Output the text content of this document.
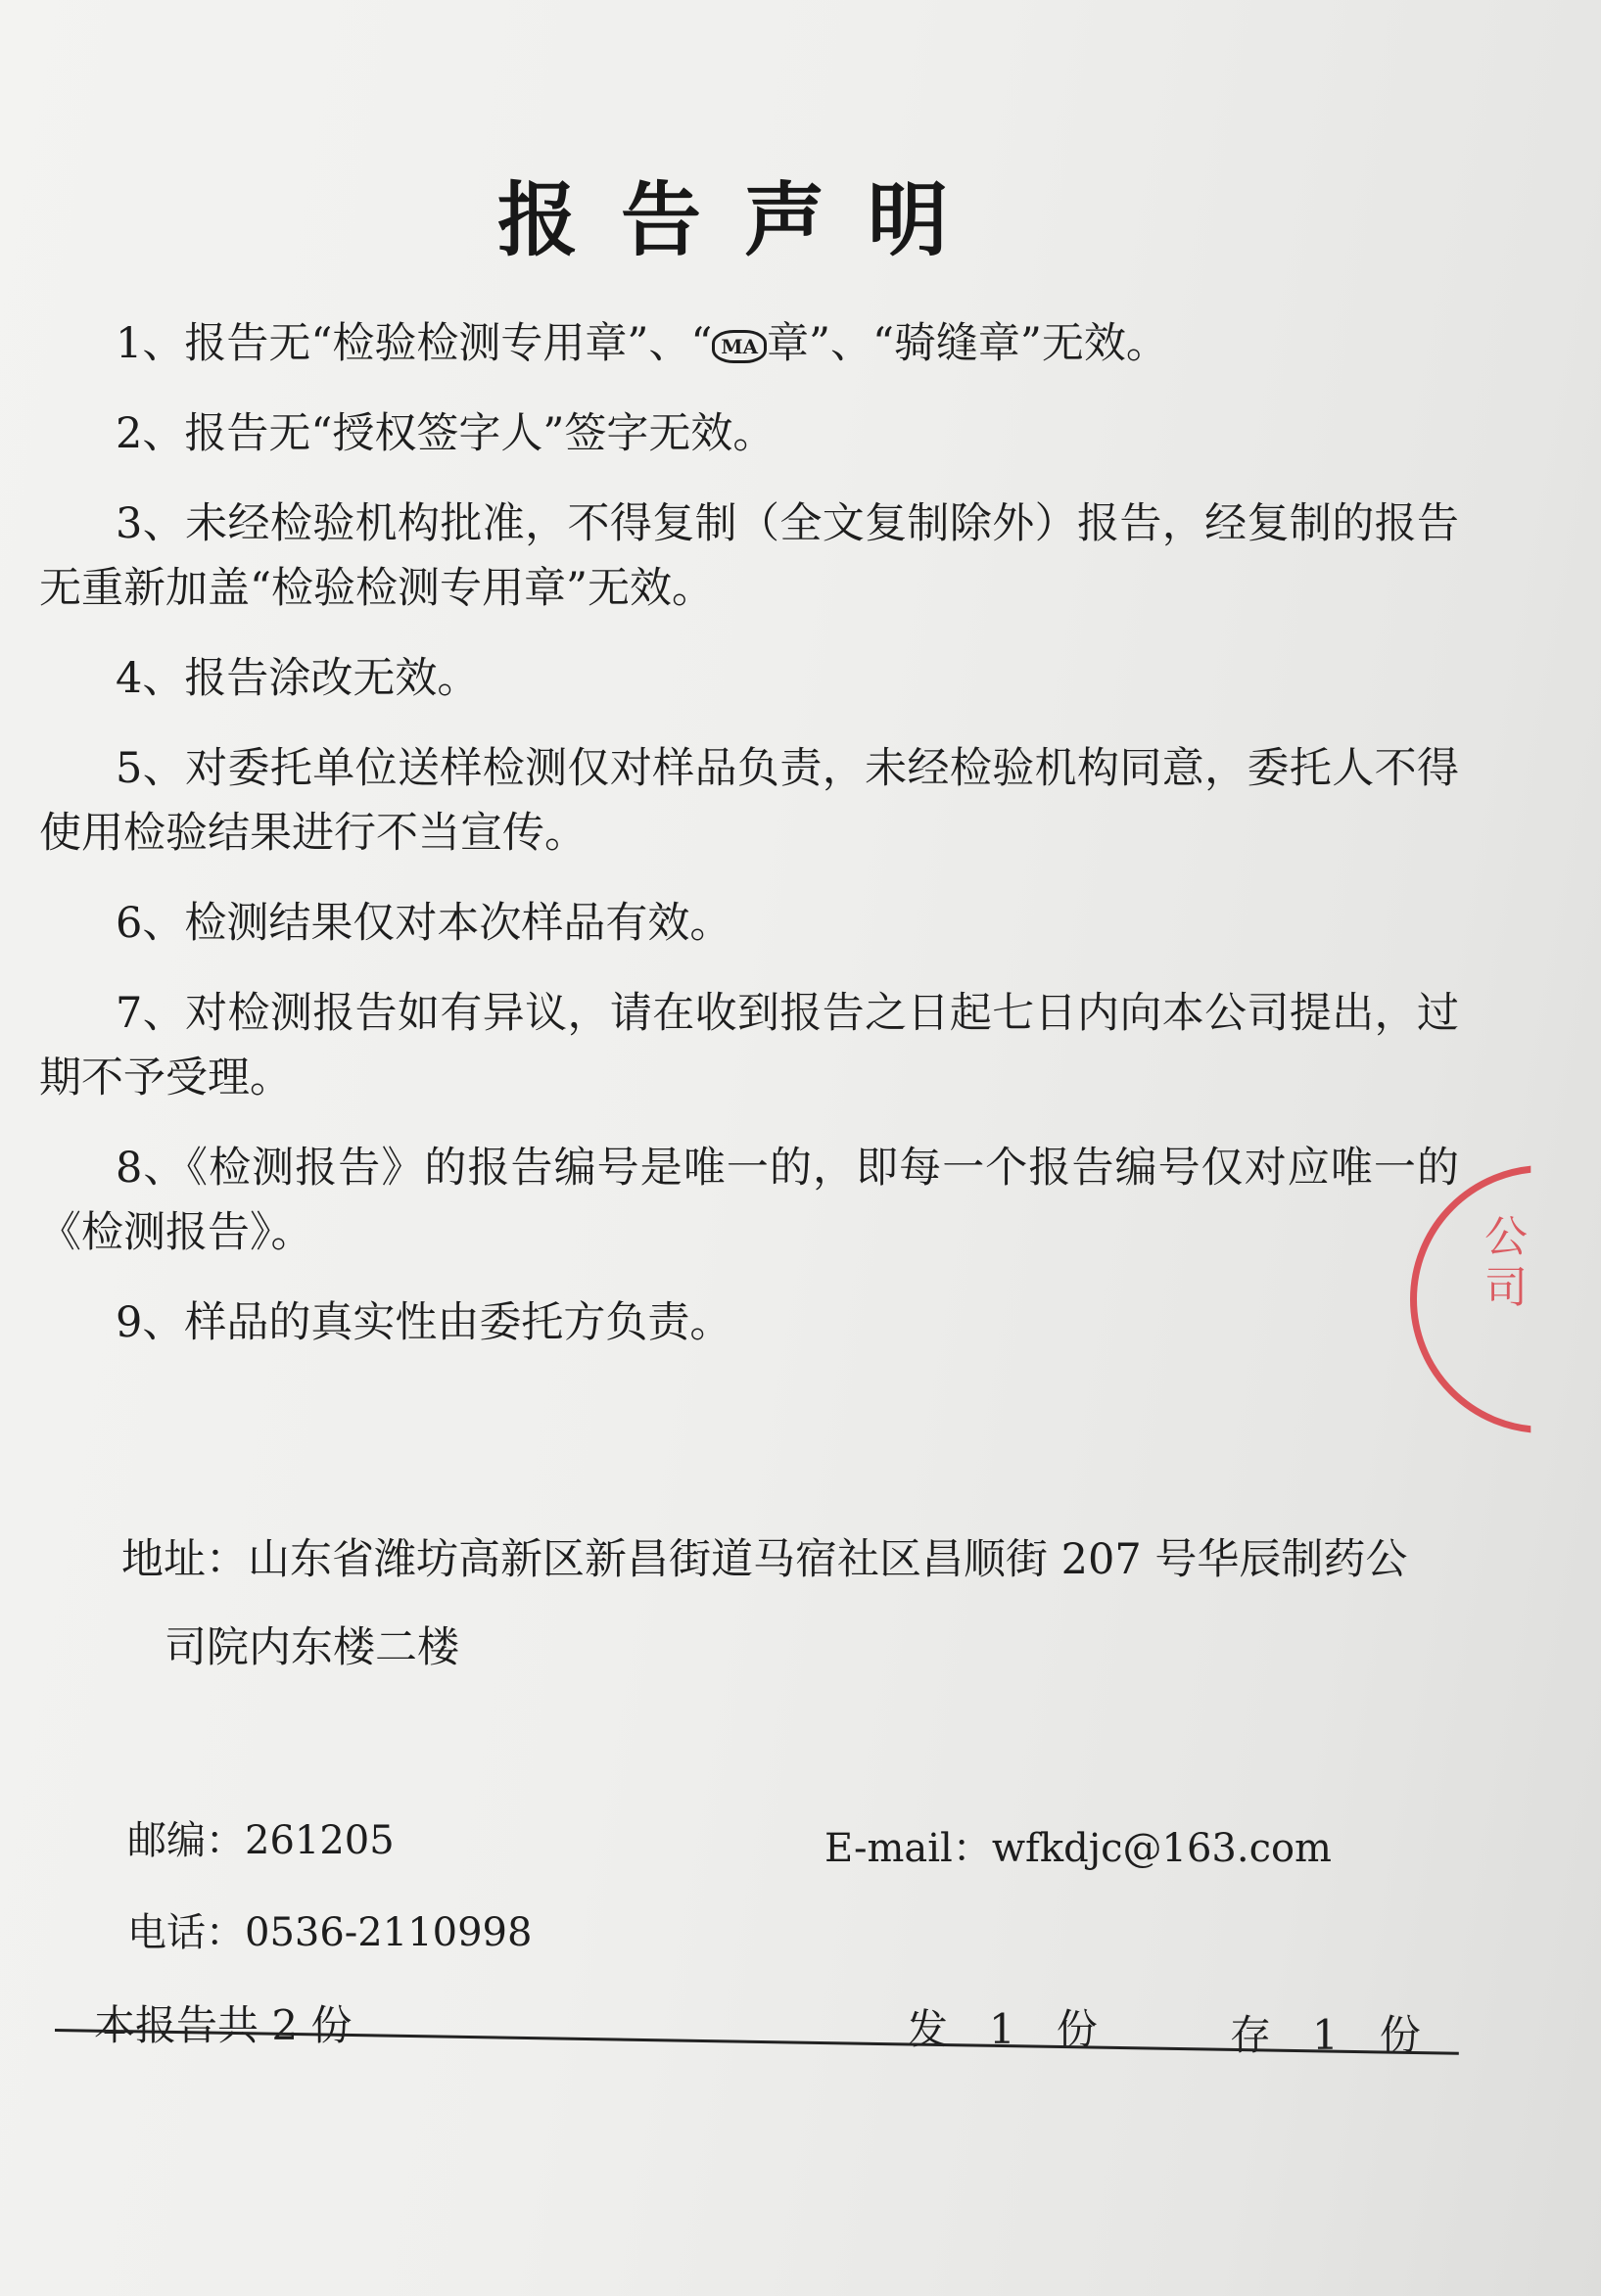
报告声明
1、报告无“检验检测专用章”、“ MA 章”、“骑缝章”无效。
2、报告无“授权签字人”签字无效。
3、未经检验机构批准，不得复制（全文复制除外）报告，经复制的报告无重新加盖“检验检测专用章”无效。
4、报告涂改无效。
5、对委托单位送样检测仅对样品负责，未经检验机构同意，委托人不得使用检验结果进行不当宣传。
6、检测结果仅对本次样品有效。
7、对检测报告如有异议，请在收到报告之日起七日内向本公司提出，过期不予受理。
8、《检测报告》的报告编号是唯一的，即每一个报告编号仅对应唯一的《检测报告》。
9、样品的真实性由委托方负责。
地址：山东省潍坊高新区新昌街道马宿社区昌顺街 207 号华辰制药公
司院内东楼二楼
邮编：261205	E-mail：wfkdjc@163.com
电话：0536-2110998
本报告共 2 份	发　1　份	存　1　份
公司
